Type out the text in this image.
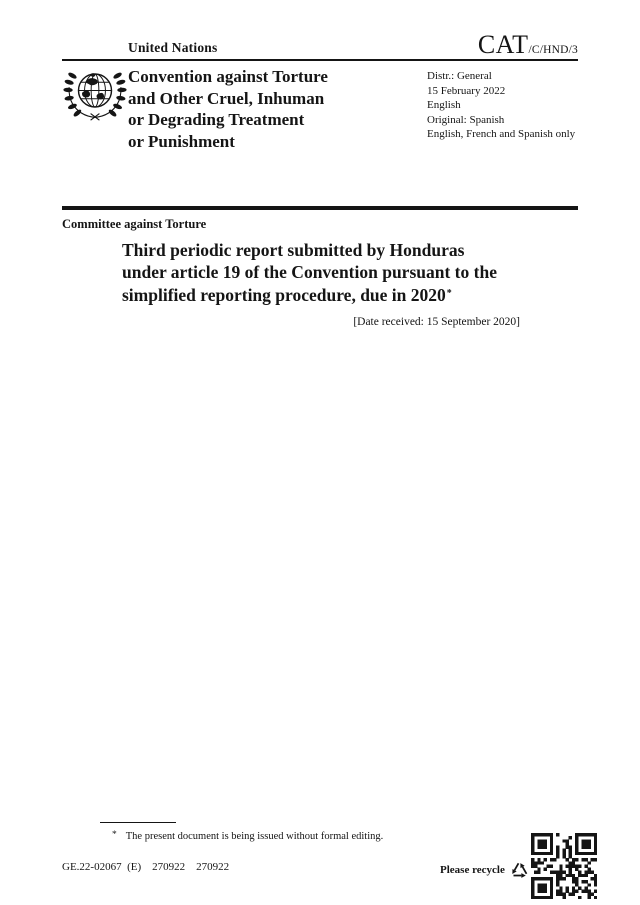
United Nations	CAT /C/HND/3
Convention against Torture
and Other Cruel, Inhuman
or Degrading Treatment
or Punishment
Distr.: General
15 February 2022
English
Original: Spanish
English, French and Spanish only
Committee against Torture
Third periodic report submitted by Honduras
under article 19 of the Convention pursuant to the
simplified reporting procedure, due in 2020*
[Date received: 15 September 2020]
* The present document is being issued without formal editing.
GE.22-02067  (E)    270922    270922	Please recycle
